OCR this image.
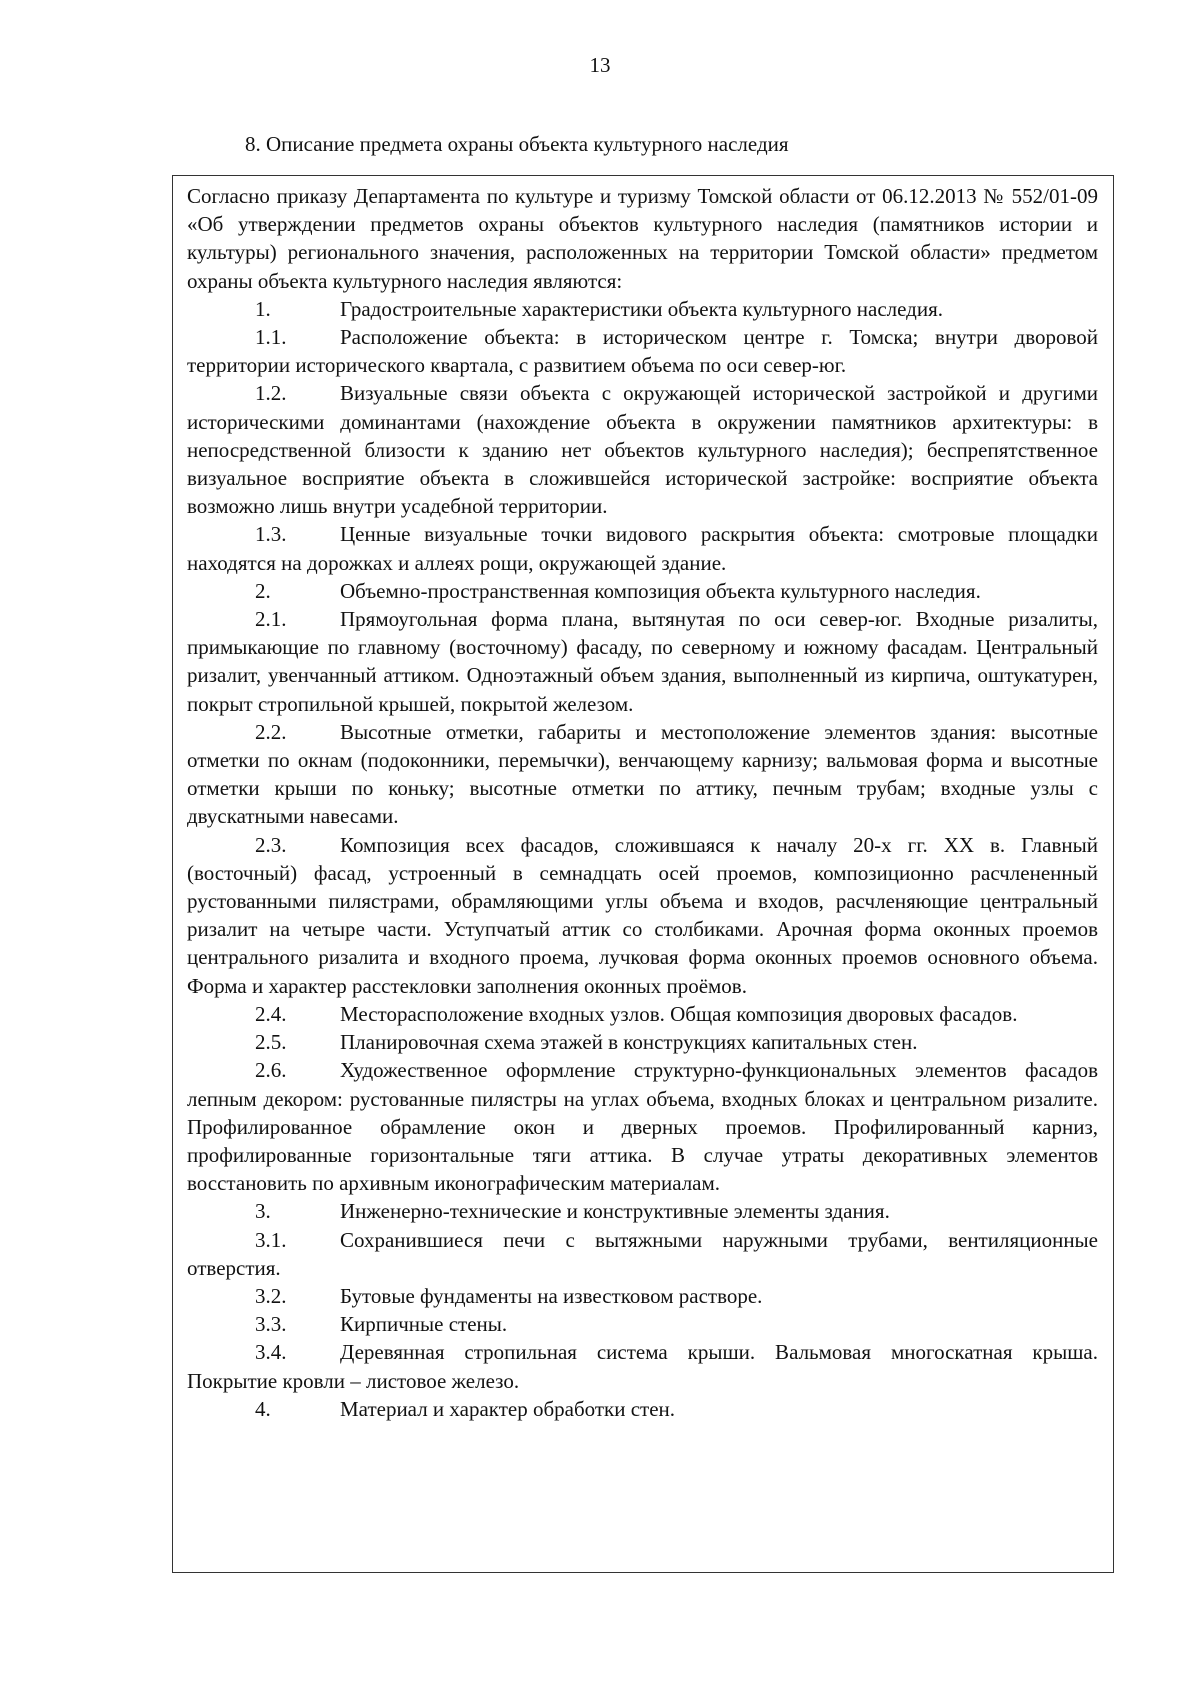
13
8. Описание предмета охраны объекта культурного наследия

Согласно приказу Департамента по культуре и туризму Томской области от 06.12.2013 № 552/01-09 «Об утверждении предметов охраны объектов культурного наследия (памятников истории и культуры) регионального значения, расположенных на территории Томской области» предметом охраны объекта культурного наследия являются:

1.	Градостроительные характеристики объекта культурного наследия.

1.1.	Расположение объекта: в историческом центре г. Томска; внутри дворовой территории исторического квартала, с развитием объема по оси север-юг.

1.2.	Визуальные связи объекта с окружающей исторической застройкой и другими историческими доминантами (нахождение объекта в окружении памятников архитектуры: в непосредственной близости к зданию нет объектов культурного наследия); беспрепятственное визуальное восприятие объекта в сложившейся исторической застройке: восприятие объекта возможно лишь внутри усадебной территории.

1.3.	Ценные визуальные точки видового раскрытия объекта: смотровые площадки находятся на дорожках и аллеях рощи, окружающей здание.

2.	Объемно-пространственная композиция объекта культурного наследия.

2.1.	Прямоугольная форма плана, вытянутая по оси север-юг. Входные ризалиты, примыкающие по главному (восточному) фасаду, по северному и южному фасадам. Центральный ризалит, увенчанный аттиком. Одноэтажный объем здания, выполненный из кирпича, оштукатурен, покрыт стропильной крышей, покрытой железом.

2.2.	Высотные отметки, габариты и местоположение элементов здания: высотные отметки по окнам (подоконники, перемычки), венчающему карнизу; вальмовая форма и высотные отметки крыши по коньку; высотные отметки по аттику, печным трубам; входные узлы с двускатными навесами.

2.3.	Композиция всех фасадов, сложившаяся к началу 20-х гг. XX в. Главный (восточный) фасад, устроенный в семнадцать осей проемов, композиционно расчлененный рустованными пилястрами, обрамляющими углы объема и входов, расчленяющие центральный ризалит на четыре части. Уступчатый аттик со столбиками. Арочная форма оконных проемов центрального ризалита и входного проема, лучковая форма оконных проемов основного объема. Форма и характер расстекловки заполнения оконных проёмов.

2.4.	Месторасположение входных узлов. Общая композиция дворовых фасадов.

2.5.	Планировочная схема этажей в конструкциях капитальных стен.

2.6.	Художественное оформление структурно-функциональных элементов фасадов лепным декором: рустованные пилястры на углах объема, входных блоках и центральном ризалите. Профилированное обрамление окон и дверных проемов. Профилированный карниз, профилированные горизонтальные тяги аттика. В случае утраты декоративных элементов восстановить по архивным иконографическим материалам.

3.	Инженерно-технические и конструктивные элементы здания.

3.1.	Сохранившиеся печи с вытяжными наружными трубами, вентиляционные отверстия.

3.2.	Бутовые фундаменты на известковом растворе.

3.3.	Кирпичные стены.

3.4.	Деревянная стропильная система крыши. Вальмовая многоскатная крыша. Покрытие кровли – листовое железо.

4.	Материал и характер обработки стен.
